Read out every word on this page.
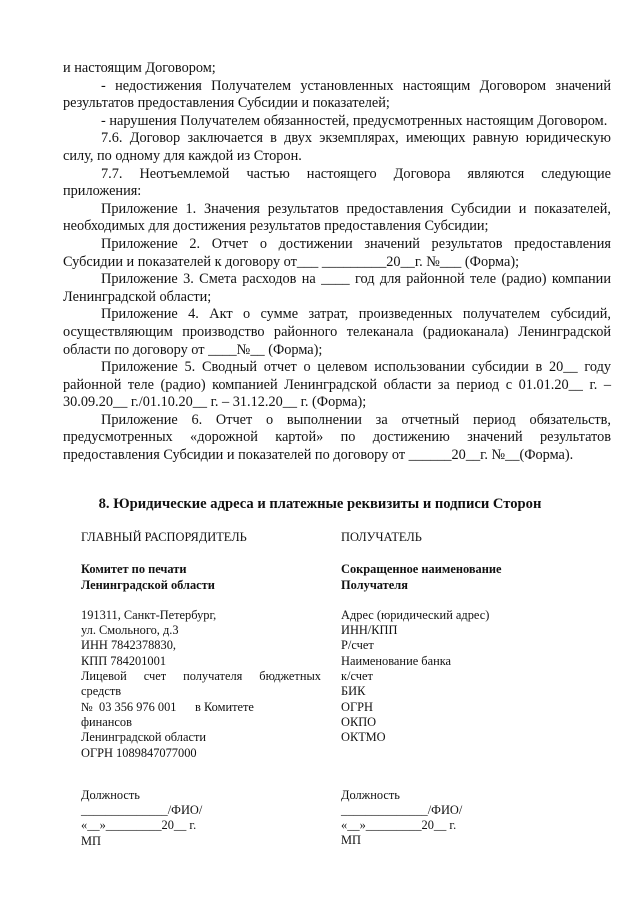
и настоящим Договором;

- недостижения Получателем установленных настоящим Договором значений результатов предоставления Субсидии и показателей;

- нарушения Получателем обязанностей, предусмотренных настоящим Договором.

7.6. Договор заключается в двух экземплярах, имеющих равную юридическую силу, по одному для каждой из Сторон.

7.7. Неотъемлемой частью настоящего Договора являются следующие приложения:

Приложение 1. Значения результатов предоставления Субсидии и показателей, необходимых для достижения результатов предоставления Субсидии;

Приложение 2. Отчет о достижении значений результатов предоставления Субсидии и показателей к договору от___ _________20__г. №___ (Форма);

Приложение 3. Смета расходов на ____ год для районной теле (радио) компании Ленинградской области;

Приложение 4. Акт о сумме затрат, произведенных получателем субсидий, осуществляющим производство районного телеканала (радиоканала) Ленинградской области по договору от ____№__ (Форма);

Приложение 5. Сводный отчет о целевом использовании субсидии в 20__ году районной теле (радио) компанией Ленинградской области за период с 01.01.20__ г. – 30.09.20__ г./01.10.20__ г. – 31.12.20__ г. (Форма);

Приложение 6. Отчет о выполнении за отчетный период обязательств, предусмотренных «дорожной картой» по достижению значений результатов предоставления Субсидии и показателей по договору от ______20__г. №__(Форма).

8. Юридические адреса и платежные реквизиты и подписи Сторон

ГЛАВНЫЙ РАСПОРЯДИТЕЛЬ

Комитет по печати
Ленинградской области

191311, Санкт-Петербург,

ул. Смольного, д.3

ИНН 7842378830,

КПП 784201001

Лицевой счет получателя бюджетных средств

№  03 356 976 001      в Комитете

финансов

Ленинградской области

ОГРН 1089847077000

Должность

______________/ФИО/

«__»_________20__ г.

МП

ПОЛУЧАТЕЛЬ

Сокращенное наименование
Получателя

Адрес (юридический адрес)

ИНН/КПП

Р/счет

Наименование банка

к/счет

БИК

ОГРН

ОКПО

ОКТМО

Должность

______________/ФИО/

«__»_________20__ г.

МП
